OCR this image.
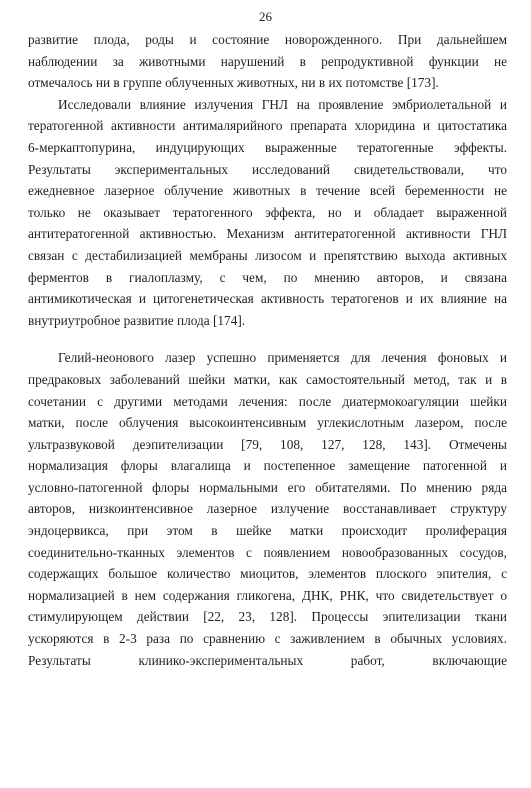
26
развитие плода, роды и состояние новорожденного. При дальнейшем
наблюдении за животными нарушений в репродуктивной функции не
отмечалось ни в группе облученных животных, ни в их потомстве [173].
Исследовали влияние излучения ГНЛ на проявление эмбриолетальной и
тератогенной активности антималярийного препарата хлоридина и цитостатика
6-меркаптопурина, индуцирующих выраженные тератогенные эффекты.
Результаты экспериментальных исследований свидетельствовали, что
ежедневное лазерное облучение животных в течение всей беременности не
только не оказывает тератогенного эффекта, но и обладает выраженной
антитератогенной активностью. Механизм антитератогенной активности ГНЛ
связан с дестабилизацией мембраны лизосом и препятствию выхода активных
ферментов в гиалоплазму, с чем, по мнению авторов, и связана
антимикотическая и цитогенетическая активность тератогенов и их влияние на
внутриутробное развитие плода [174].
Гелий-неонового лазер успешно применяется для лечения фоновых и
предраковых заболеваний шейки матки, как самостоятельный метод, так и в
сочетании с другими методами лечения: после диатермокоагуляции шейки
матки, после облучения высокоинтенсивным углекислотным лазером, после
ультразвуковой деэпителизации [79, 108, 127, 128, 143]. Отмечены
нормализация флоры влагалища и постепенное замещение патогенной и
условно-патогенной флоры нормальными его обитателями. По мнению ряда
авторов, низкоинтенсивное лазерное излучение восстанавливает структуру
эндоцервикса, при этом в шейке матки происходит пролиферация
соединительно-тканных элементов с появлением новообразованных сосудов,
содержащих большое количество миоцитов, элементов плоского эпителия, с
нормализацией в нем содержания гликогена, ДНК, РНК, что свидетельствует о
стимулирующем действии [22, 23, 128]. Процессы эпителизации ткани
ускоряются в 2-3 раза по сравнению с заживлением в обычных условиях.
Результаты клинико-экспериментальных работ, включающие
